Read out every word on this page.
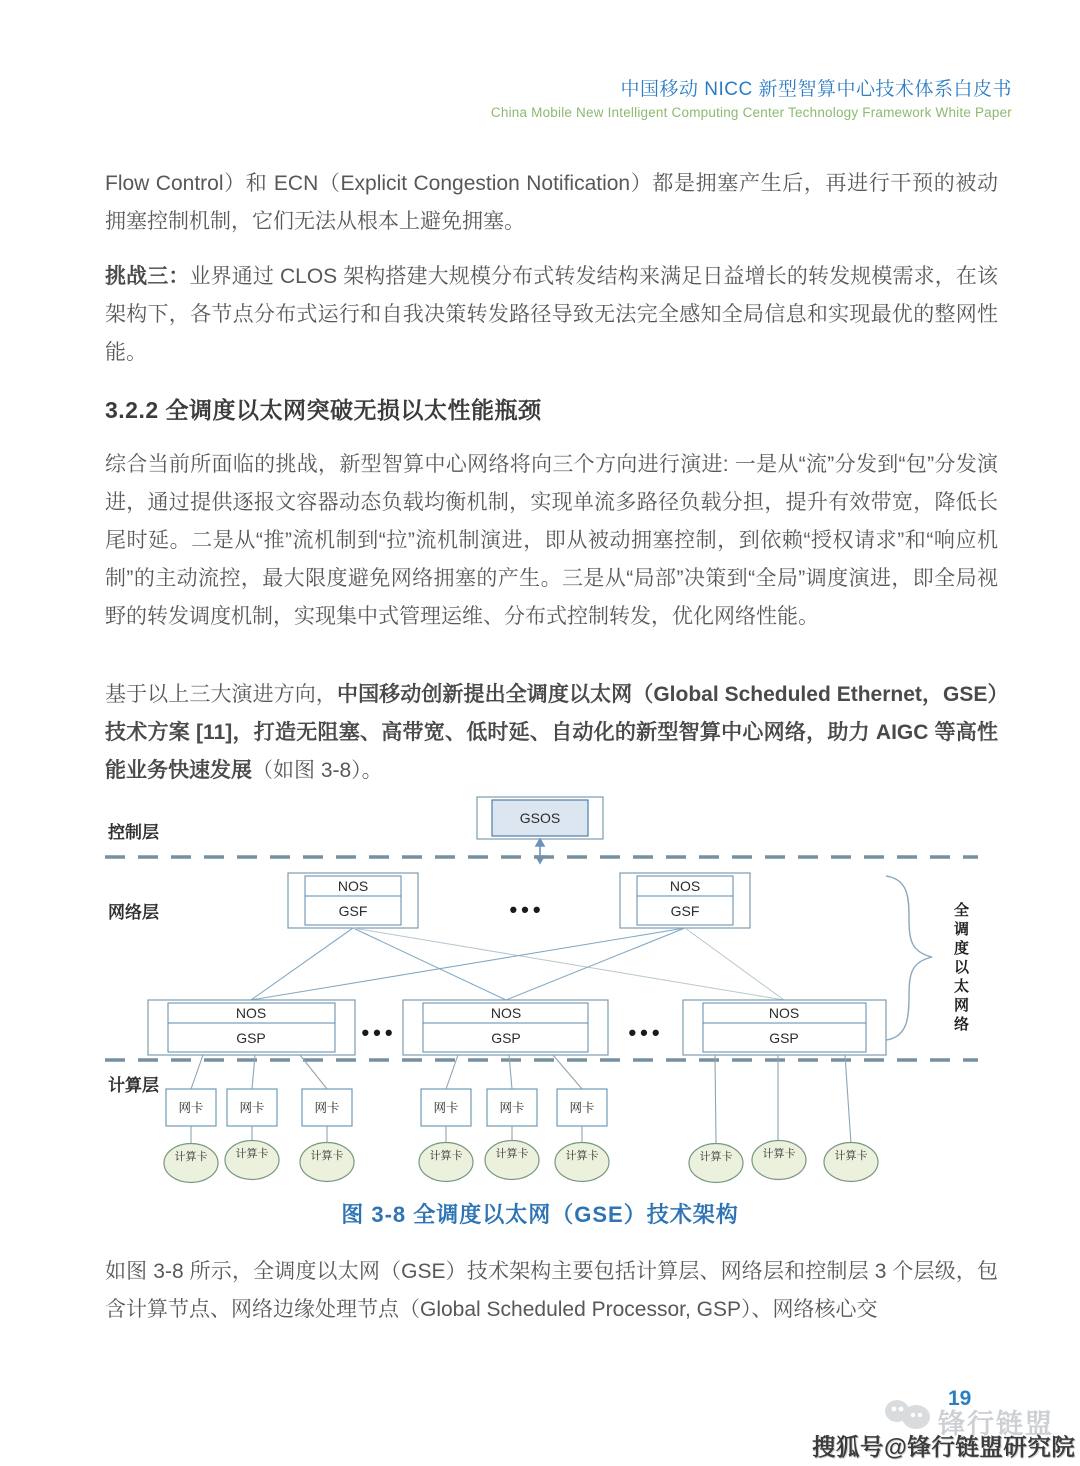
中国移动 NICC 新型智算中心技术体系白皮书
China Mobile New Intelligent Computing Center Technology Framework White Paper
Flow Control）和 ECN（Explicit Congestion Notification）都是拥塞产生后，再进行干预的被动拥塞控制机制，它们无法从根本上避免拥塞。
挑战三：业界通过 CLOS 架构搭建大规模分布式转发结构来满足日益增长的转发规模需求，在该架构下，各节点分布式运行和自我决策转发路径导致无法完全感知全局信息和实现最优的整网性能。
3.2.2 全调度以太网突破无损以太性能瓶颈
综合当前所面临的挑战，新型智算中心网络将向三个方向进行演进: 一是从“流”分发到“包”分发演进，通过提供逐报文容器动态负载均衡机制，实现单流多路径负载分担，提升有效带宽，降低长尾时延。二是从“推”流机制到“拉”流机制演进，即从被动拥塞控制，到依赖“授权请求”和“响应机制”的主动流控，最大限度避免网络拥塞的产生。三是从“局部”决策到“全局”调度演进，即全局视野的转发调度机制，实现集中式管理运维、分布式控制转发，优化网络性能。
基于以上三大演进方向，中国移动创新提出全调度以太网（Global Scheduled Ethernet，GSE）技术方案 [11]，打造无阻塞、高带宽、低时延、自动化的新型智算中心网络，助力 AIGC 等高性能业务快速发展（如图 3-8）。
控制层
GSOS
网络层
NOS
GSF	•••
NOS
GSF
NOS
GSP	•••
NOS
GSP	•••
NOS
GSP
计算层
网卡	网卡	网卡	网卡	网卡	网卡
计算卡	计算卡	计算卡	计算卡	计算卡	计算卡	计算卡	计算卡	计算卡
全调度以太网络
图 3-8 全调度以太网（GSE）技术架构
如图 3-8 所示，全调度以太网（GSE）技术架构主要包括计算层、网络层和控制层 3 个层级，包含计算节点、网络边缘处理节点（Global Scheduled Processor, GSP）、网络核心交
锋行链盟
19
搜狐号@锋行链盟研究院
